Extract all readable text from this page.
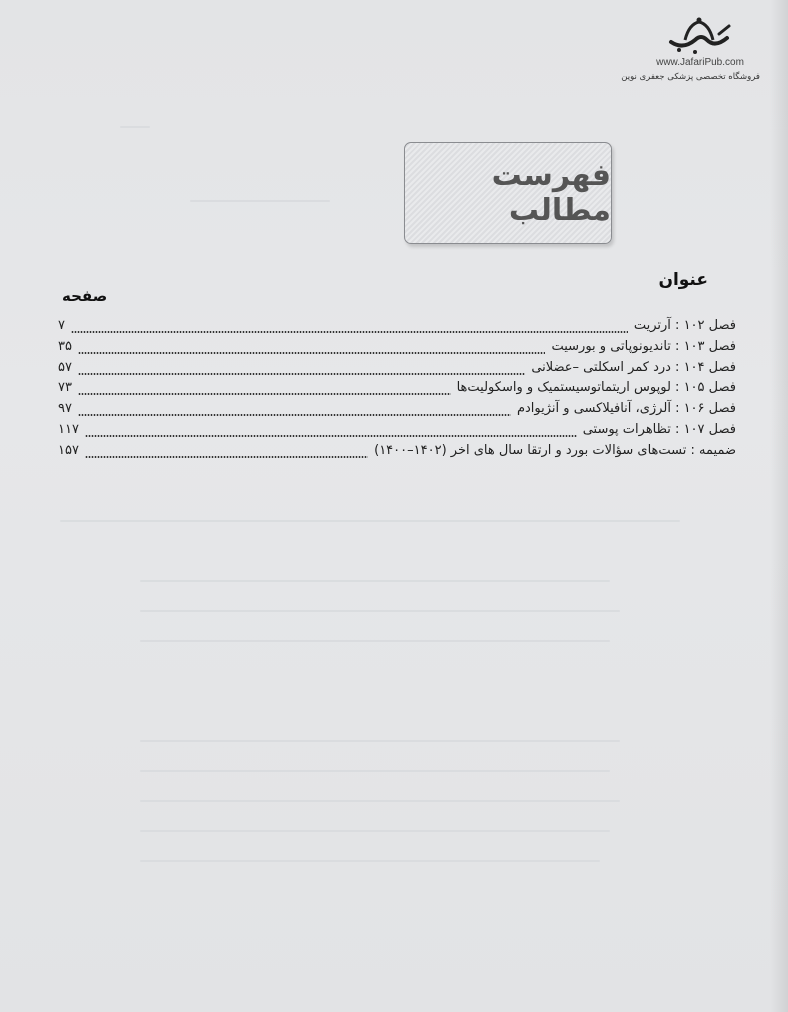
www.JafariPub.com
فروشگاه تخصصی پزشکی جعفری نوین
فهرست مطالب
عنوان
صفحه
فصل ۱۰۲ : آرتریت
۷
فصل ۱۰۳ : تاندیونوپاتی و بورسیت
۳۵
فصل ۱۰۴ : درد کمر اسکلتی –عضلانی
۵۷
فصل ۱۰۵ : لوپوس اریتماتوسیستمیک و واسکولیت‌ها
۷۳
فصل ۱۰۶ : آلرژی، آنافیلاکسی و آنژیوادم
۹۷
فصل ۱۰۷ : تظاهرات پوستی
۱۱۷
ضمیمه : تست‌های سؤالات بورد و ارتقا سال های اخر (۱۴۰۲–۱۴۰۰)
۱۵۷
